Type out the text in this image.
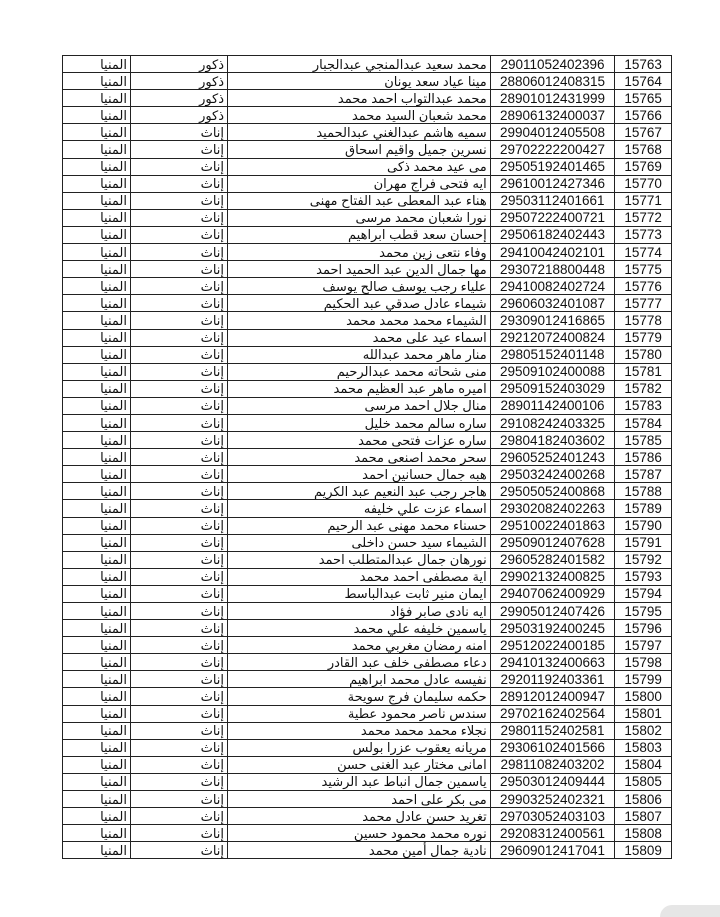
المنيا	ذكور	محمد سعيد عبدالمنجي عبدالجبار	29011052402396	15763
المنيا	ذكور	مينا عياد سعد يونان	28806012408315	15764
المنيا	ذكور	محمد عبدالتواب احمد محمد	28901012431999	15765
المنيا	ذكور	محمد شعبان السيد محمد	28906132400037	15766
المنيا	إناث	سميه هاشم عبدالغني عبدالحميد	29904012405508	15767
المنيا	إناث	نسرين جميل واقيم اسحاق	29702222200427	15768
المنيا	إناث	مى عيد محمد ذكى	29505192401465	15769
المنيا	إناث	ايه فتحى فراج مهران	29610012427346	15770
المنيا	إناث	هناء عبد المعطى عبد الفتاح مهنى	29503112401661	15771
المنيا	إناث	نورا شعبان محمد مرسى	29507222400721	15772
المنيا	إناث	إحسان سعد قطب ابراهيم	29506182402443	15773
المنيا	إناث	وفاء نتعى زين محمد	29410042402101	15774
المنيا	إناث	مها جمال الدين عبد الحميد احمد	29307218800448	15775
المنيا	إناث	علياء رجب يوسف صالح يوسف	29410082402724	15776
المنيا	إناث	شيماء عادل صدقي عبد الحكيم	29606032401087	15777
المنيا	إناث	الشيماء محمد محمد محمد	29309012416865	15778
المنيا	إناث	اسماء عيد على محمد	29212072400824	15779
المنيا	إناث	منار ماهر محمد عبدالله	29805152401148	15780
المنيا	إناث	منى شحاته محمد عبدالرحيم	29509102400088	15781
المنيا	إناث	اميره ماهر عبد العظيم محمد	29509152403029	15782
المنيا	إناث	منال جلال احمد مرسى	28901142400106	15783
المنيا	إناث	ساره سالم محمد خليل	29108242403325	15784
المنيا	إناث	ساره عزات فتحى محمد	29804182403602	15785
المنيا	إناث	سحر محمد اصنعى محمد	29605252401243	15786
المنيا	إناث	هبه جمال حسانين احمد	29503242400268	15787
المنيا	إناث	هاجر رجب عبد النعيم عبد الكريم	29505052400868	15788
المنيا	إناث	اسماء عزت علي خليفه	29302082402263	15789
المنيا	إناث	حسناء محمد مهنى عبد الرحيم	29510022401863	15790
المنيا	إناث	الشيماء سيد حسن داخلى	29509012407628	15791
المنيا	إناث	نورهان جمال عبدالمتطلب احمد	29605282401582	15792
المنيا	إناث	اية مصطفى احمد محمد	29902132400825	15793
المنيا	إناث	ايمان منير ثابت عبدالباسط	29407062400929	15794
المنيا	إناث	ايه نادى صابر فؤاد	29905012407426	15795
المنيا	إناث	ياسمين خليفه علي محمد	29503192400245	15796
المنيا	إناث	امنه رمضان مغربي محمد	29512022400185	15797
المنيا	إناث	دعاء مصطفى خلف عبد القادر	29410132400663	15798
المنيا	إناث	نفيسه عادل محمد ابراهيم	29201192403361	15799
المنيا	إناث	حكمه سليمان فرج سويحة	28912012400947	15800
المنيا	إناث	سندس ناصر محمود عطية	29702162402564	15801
المنيا	إناث	نجلاء محمد محمد محمد	29801152402581	15802
المنيا	إناث	مريانه يعقوب عزرا بولس	29306102401566	15803
المنيا	إناث	امانى مختار عبد الغنى حسن	29811082403202	15804
المنيا	إناث	ياسمين جمال انباط عبد الرشيد	29503012409444	15805
المنيا	إناث	مى بكر على احمد	29903252402321	15806
المنيا	إناث	تغريد حسن عادل محمد	29703052403103	15807
المنيا	إناث	نوره محمد محمود حسين	29208312400561	15808
المنيا	إناث	نادية جمال أمين محمد	29609012417041	15809
